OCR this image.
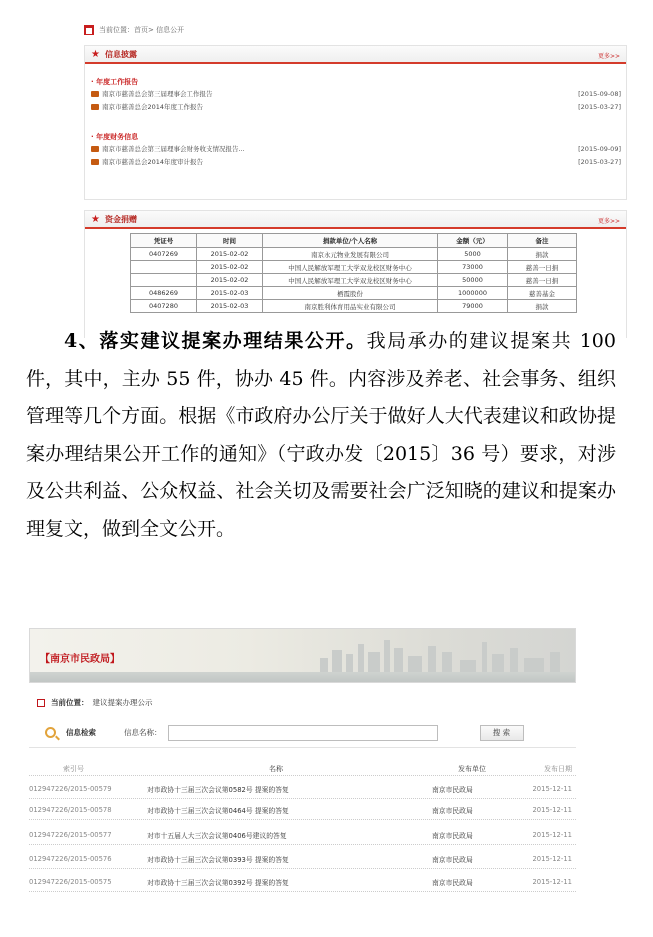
当前位置：首页> 信息公开
★ 信息披露	更多>>
· 年度工作报告
南京市慈善总会第三届理事会工作报告	[2015-09-08]
南京市慈善总会2014年度工作报告	[2015-03-27]
· 年度财务信息
南京市慈善总会第三届理事会财务收支情况报告...	[2015-09-09]
南京市慈善总会2014年度审计报告	[2015-03-27]
★ 资金捐赠	更多>>
凭证号	时间	捐款单位/个人名称	金额（元）	备注
0407269	2015-02-02	南京永元物业发展有限公司	5000	捐款
	2015-02-02	中国人民解放军理工大学双龙校区财务中心	73000	慈善一日捐
	2015-02-02	中国人民解放军理工大学双龙校区财务中心	50000	慈善一日捐
0486269	2015-02-03	栖霞股份	1000000	慈善基金
0407280	2015-02-03	南京胜利体育用品实业有限公司	79000	捐款
4、落实建议提案办理结果公开。我局承办的建议提案共 100 件，其中，主办 55 件，协办 45 件。内容涉及养老、社会事务、组织管理等几个方面。根据《市政府办公厅关于做好人大代表建议和政协提案办理结果公开工作的通知》（宁政办发〔2015〕36 号）要求，对涉及公共利益、公众权益、社会关切及需要社会广泛知晓的建议和提案办理复文，做到全文公开。
【南京市民政局】
当前位置： 建议提案办理公示
信息检索	信息名称：	搜 索
索引号	名称	发布单位	发布日期
012947226/2015-00579	对市政协十三届三次会议第0582号 提案的答复	南京市民政局	2015-12-11
012947226/2015-00578	对市政协十三届三次会议第0464号 提案的答复	南京市民政局	2015-12-11
012947226/2015-00577	对市十五届人大三次会议第0406号建议的答复	南京市民政局	2015-12-11
012947226/2015-00576	对市政协十三届三次会议第0393号 提案的答复	南京市民政局	2015-12-11
012947226/2015-00575	对市政协十三届三次会议第0392号 提案的答复	南京市民政局	2015-12-11
